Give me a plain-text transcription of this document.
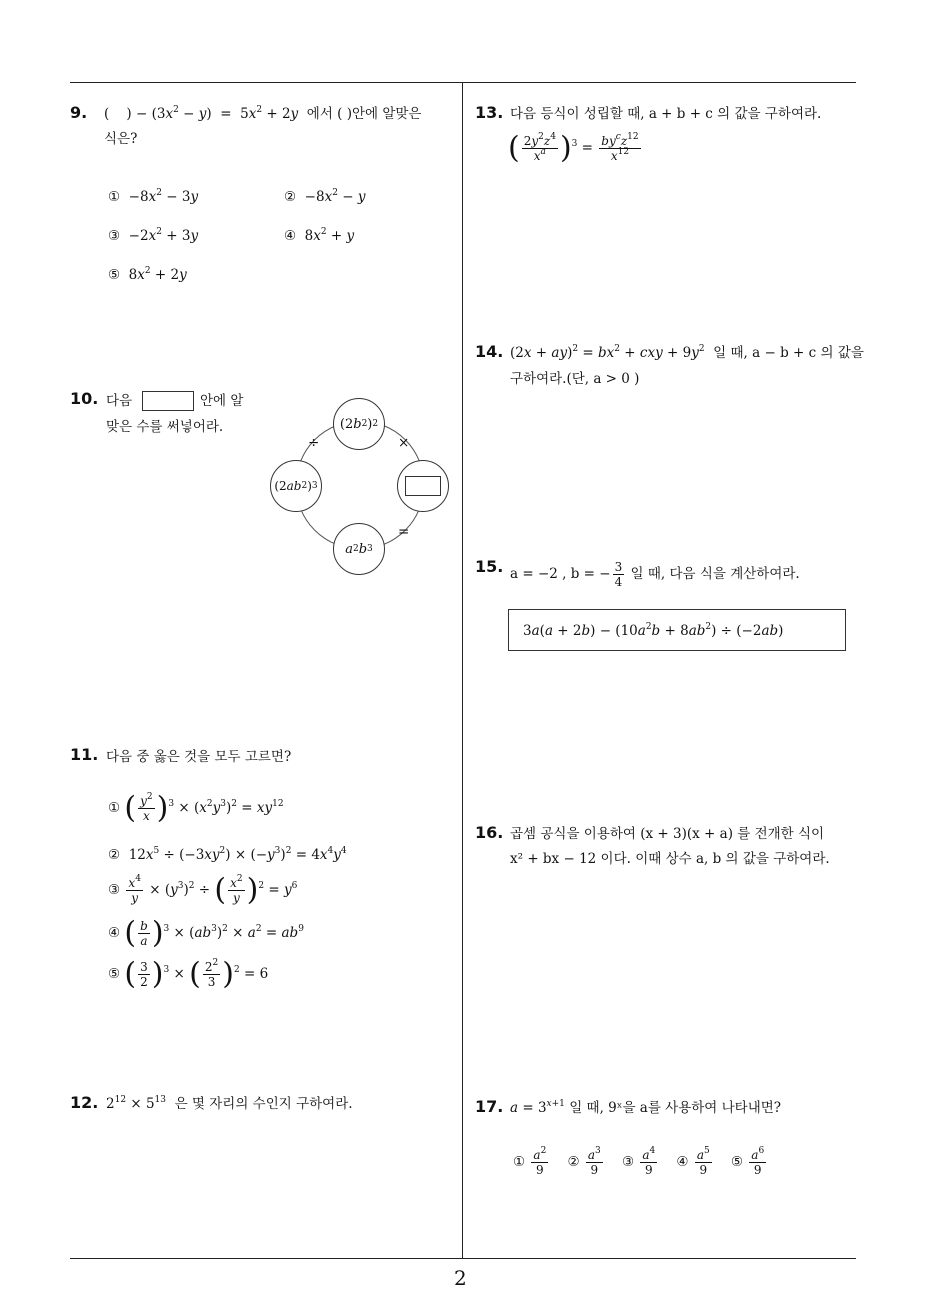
9. (    ) − $(3x^2 - y) = 5x^2 + 2y$ 에서 ( )안에 알맞은
식은?
①  $-8x^2 - 3y$	②  $-8x^2 - y$
③  $-2x^2 + 3y$	④  $8x^2 + y$
⑤  $8x^2 + 2y$
10. 다음	안에 알
맞은 수를 써넣어라.	(2 b 2 ) 2
(2 ab 2 ) 3
a 2 b 3
÷	×
=
11. 다음 중 옳은 것을 모두 고르면?
① ( $\frac{y^2}{x} )^3 \times (x^2y^3)^2 = xy^{12}$
②  $12x^5 \div (-3xy^2) \times (-y^3)^2 = 4x^4y^4$
③ $\frac{x^4}{y} \times (y^3)^2$ ÷ ( $\frac{x^2}{y} )^2 = y^6$
④ ( $\frac{b}{a} )^3 \times (ab^3)^2 \times a^2 = ab^9$
⑤ ( $\frac{3}{2} )^3$ × ( $\frac{2^2}{3} )^2 = 6$
12. $2^{12} \times 5^{13}$ 은 몇 자리의 수인지 구하여라.
13. 다음 등식이 성립할 때, a + b + c 의 값을 구하여라.
( $\frac{2y^2z^4}{x^a} )^3 = \frac{by^cz^{12}}{x^{12}}$
14. $(2x + ay)^2 = bx^2$ + cxy + $9y^2$ 일 때, a − b + c 의 값을
구하여라.(단, a > 0 )
15. a = −2 , b = − $\frac{3}{4}$ 일 때, 다음 식을 계산하여라.
$3a(a + 2b) - (10a^2b + 8ab^2) \div (-2ab)$
16. 곱셈 공식을 이용하여 (x + 3)(x + a) 를 전개한 식이
x² + bx − 12 이다. 이때 상수 a, b 의 값을 구하여라.
17. $a = 3^{x+1}$ 일 때, 9ˣ을 a를 사용하여 나타내면?
① $\frac{a^2}{9}$ ② $\frac{a^3}{9}$ ③ $\frac{a^4}{9}$ ④ $\frac{a^5}{9}$ ⑤ $\frac{a^6}{9}$
2
